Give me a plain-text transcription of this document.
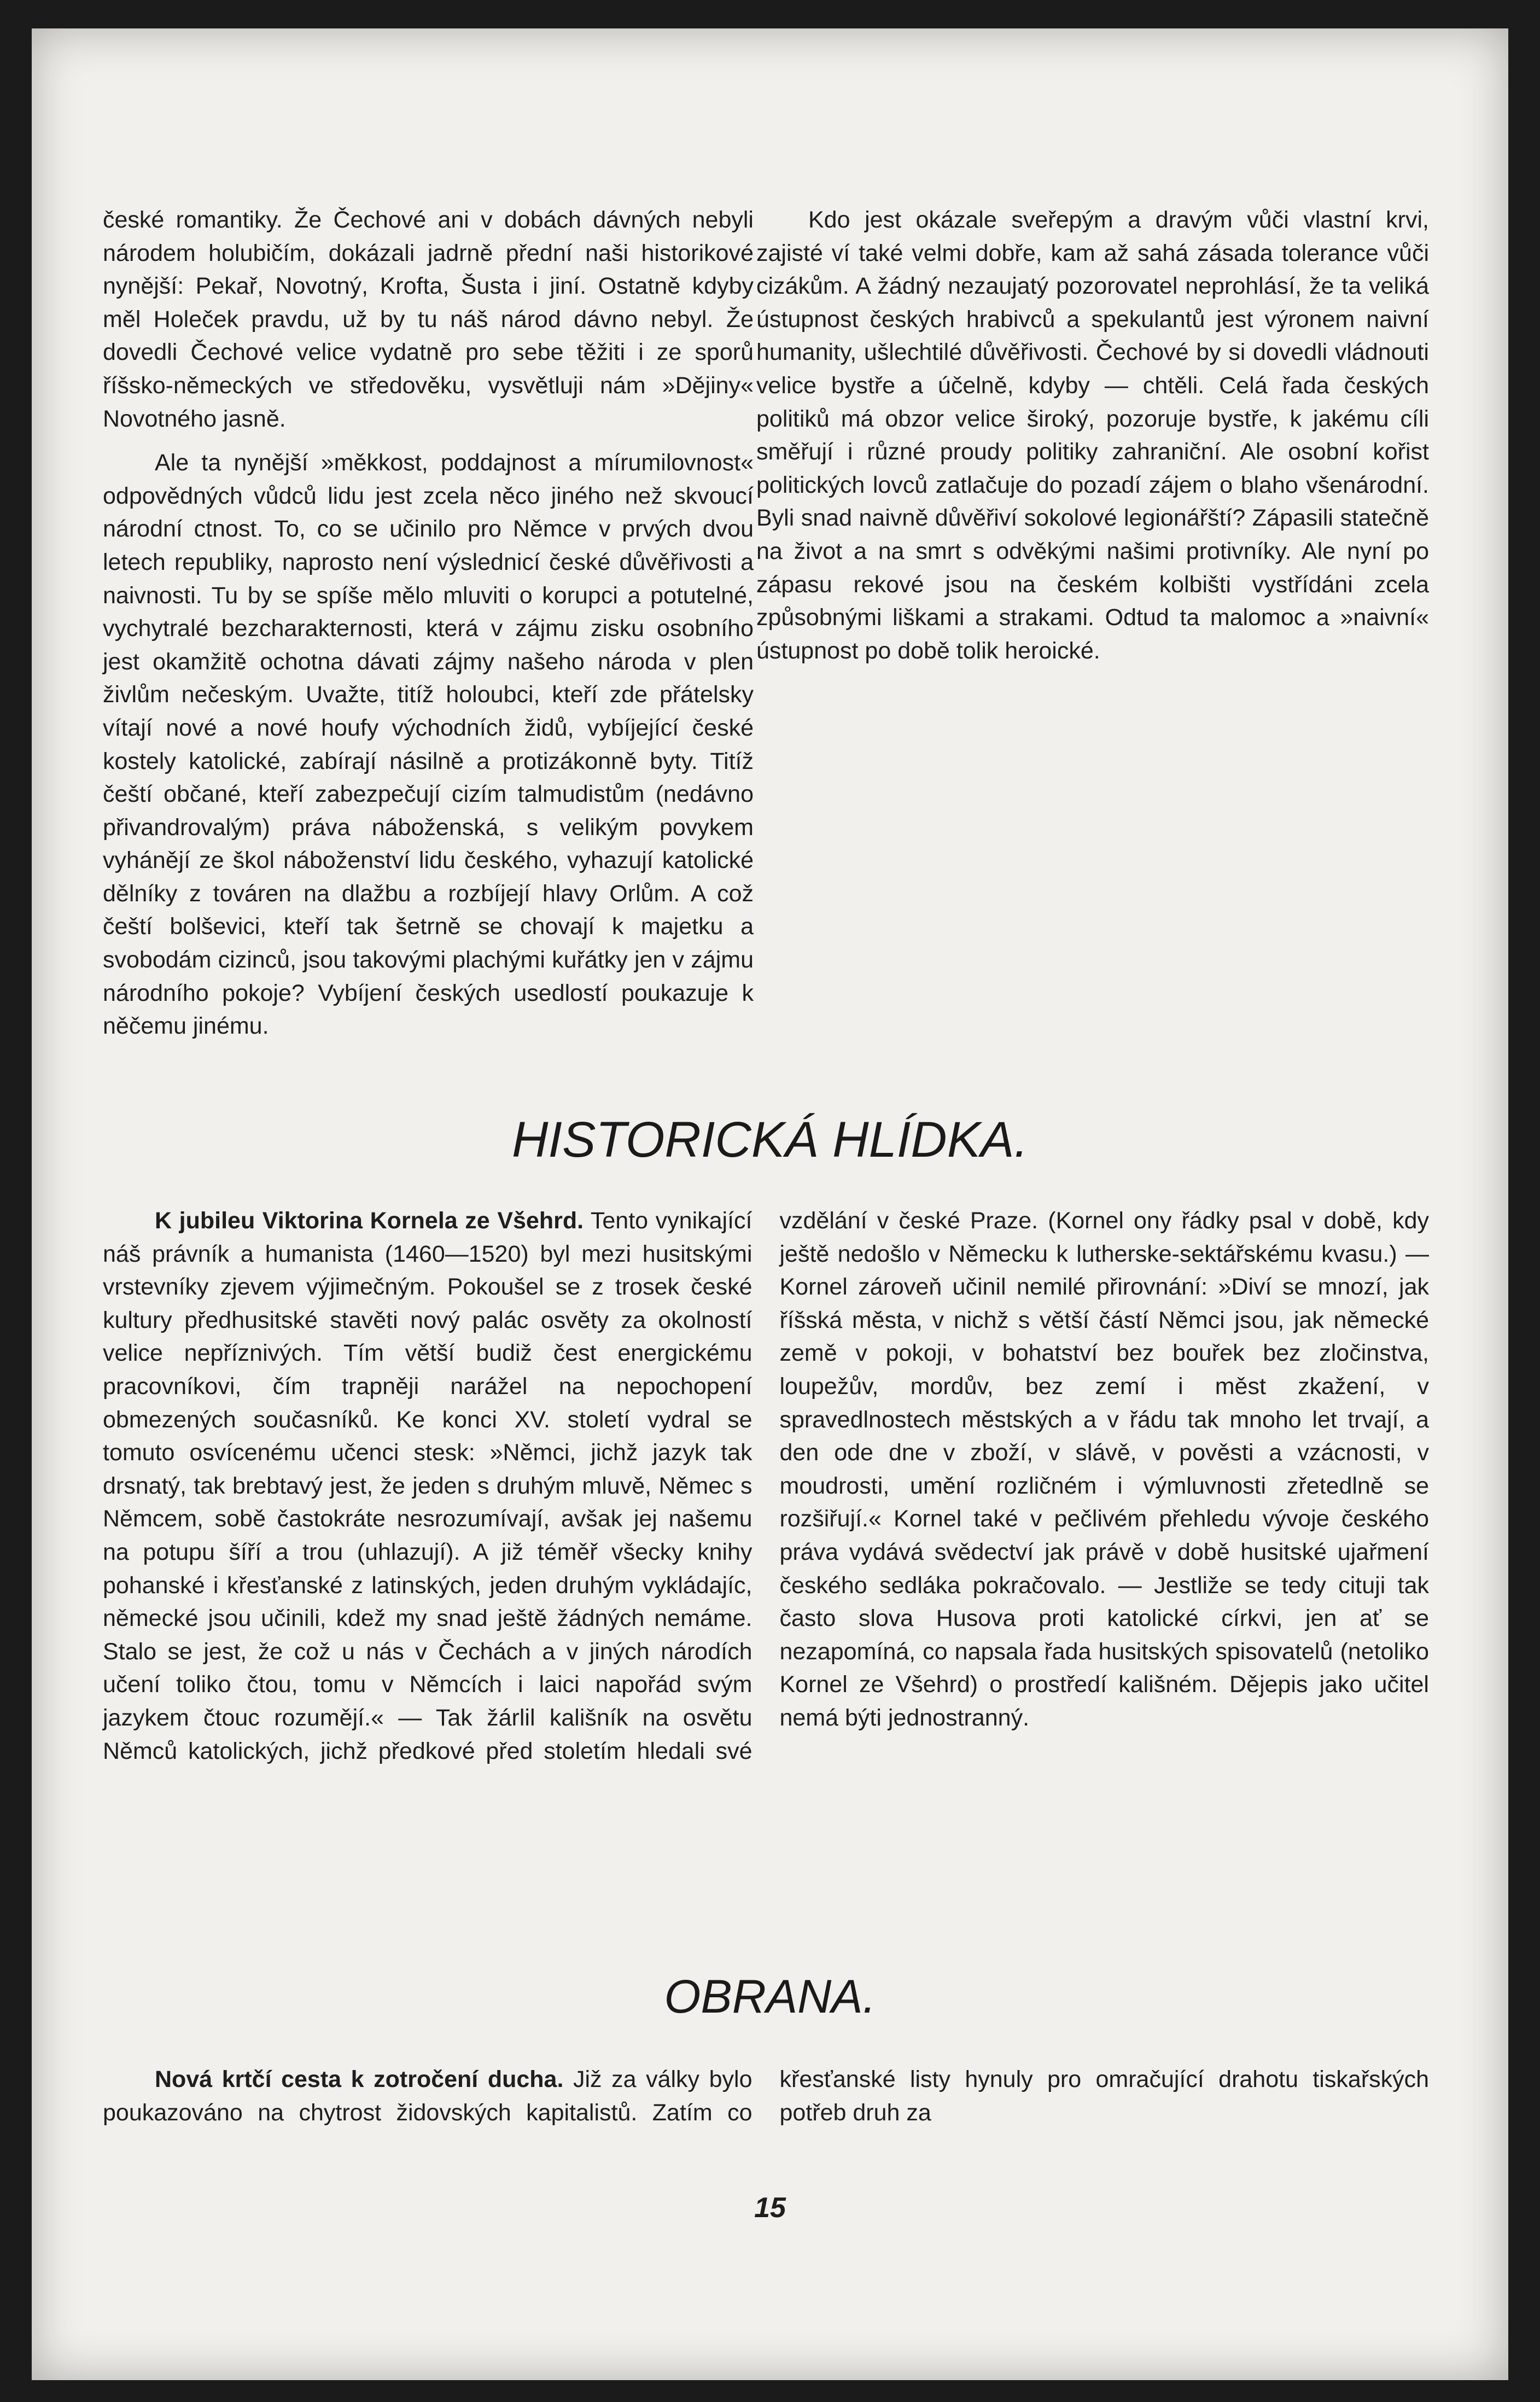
české romantiky. Že Čechové ani v dobách dávných nebyli národem holubičím, dokázali jadrně přední naši historikové nynější: Pekař, Novotný, Krofta, Šusta i jiní. Ostatně kdyby měl Holeček pravdu, už by tu náš národ dávno nebyl. Že dovedli Čechové velice vydatně pro sebe těžiti i ze sporů říšsko-německých ve středověku, vysvětluji nám »Dějiny« Novotného jasně.

Ale ta nynější »měkkost, poddajnost a mírumilovnost« odpovědných vůdců lidu jest zcela něco jiného než skvoucí národní ctnost. To, co se učinilo pro Němce v prvých dvou letech republiky, naprosto není výslednicí české důvěřivosti a naivnosti. Tu by se spíše mělo mluviti o korupci a potutelné, vychytralé bezcharakternosti, která v zájmu zisku osobního jest okamžitě ochotna dávati zájmy našeho národa v plen živlům nečeským. Uvažte, titíž holoubci, kteří zde přátelsky vítají nové a nové houfy východních židů, vybíjející české kostely katolické, zabírají násilně a protizákonně byty. Titíž čeští občané, kteří zabezpečují cizím talmudistům (nedávno přivandrovalým) práva náboženská, s velikým povykem vyhánějí ze škol náboženství lidu českého, vyhazují katolické dělníky z továren na dlažbu a rozbíjejí hlavy Orlům. A což čeští bolševici, kteří tak šetrně se chovají k majetku a svobodám cizinců, jsou takovými plachými kuřátky jen v zájmu národního pokoje? Vybíjení českých usedlostí poukazuje k něčemu jinému.

Kdo jest okázale sveřepým a dravým vůči vlastní krvi, zajisté ví také velmi dobře, kam až sahá zásada tolerance vůči cizákům. A žádný nezaujatý pozorovatel neprohlásí, že ta veliká ústupnost českých hrabivců a spekulantů jest výronem naivní humanity, ušlechtilé důvěřivosti. Čechové by si dovedli vládnouti velice bystře a účelně, kdyby — chtěli. Celá řada českých politiků má obzor velice široký, pozoruje bystře, k jakému cíli směřují i různé proudy politiky zahraniční. Ale osobní kořist politických lovců zatlačuje do pozadí zájem o blaho všenárodní. Byli snad naivně důvěřiví sokolové legionářští? Zápasili statečně na život a na smrt s odvěkými našimi protivníky. Ale nyní po zápasu rekové jsou na českém kolbišti vystřídáni zcela způsobnými liškami a strakami. Odtud ta malomoc a »naivní« ústupnost po době tolik heroické.

HISTORICKÁ HLÍDKA.

K jubileu Viktorina Kornela ze Všehrd. Tento vynikající náš právník a humanista (1460—1520) byl mezi husitskými vrstevníky zjevem výjimečným. Pokoušel se z trosek české kultury předhusitské stavěti nový palác osvěty za okolností velice nepříznivých. Tím větší budiž čest energickému pracovníkovi, čím trapněji narážel na nepochopení obmezených současníků. Ke konci XV. století vydral se tomuto osvícenému učenci stesk: »Němci, jichž jazyk tak drsnatý, tak brebtavý jest, že jeden s druhým mluvě, Němec s Němcem, sobě častokráte nesrozumívají, avšak jej našemu na potupu šíří a trou (uhlazují). A již téměř všecky knihy pohanské i křesťanské z latinských, jeden druhým vykládajíc, německé jsou učinili, kdež my snad ještě žádných nemáme. Stalo se jest, že což u nás v Čechách a v jiných národích učení toliko čtou, tomu v Němcích i laici napořád svým jazykem čtouc rozumějí.« — Tak žárlil kališník na osvětu Němců katolických, jichž předkové před stoletím hledali své vzdělání v české Praze. (Kornel ony řádky psal v době, kdy ještě nedošlo v Německu k lutherske-sektářskému kvasu.) — Kornel zároveň učinil nemilé přirovnání: »Diví se mnozí, jak říšská města, v nichž s větší částí Němci jsou, jak německé země v pokoji, v bohatství bez bouřek bez zločinstva, loupežův, mordův, bez zemí i měst zkažení, v spravedlnostech městských a v řádu tak mnoho let trvají, a den ode dne v zboží, v slávě, v pověsti a vzácnosti, v moudrosti, umění rozličném i výmluvnosti zřetedlně se rozšiřují.« Kornel také v pečlivém přehledu vývoje českého práva vydává svědectví jak právě v době husitské ujařmení českého sedláka pokračovalo. — Jestliže se tedy cituji tak často slova Husova proti katolické církvi, jen ať se nezapomíná, co napsala řada husitských spisovatelů (netoliko Kornel ze Všehrd) o prostředí kališném. Dějepis jako učitel nemá býti jednostranný.

OBRANA.

Nová krtčí cesta k zotročení ducha. Již za války bylo poukazováno na chytrost židovských kapitalistů. Zatím co křesťanské listy hynuly pro omračující drahotu tiskařských potřeb druh za

15
